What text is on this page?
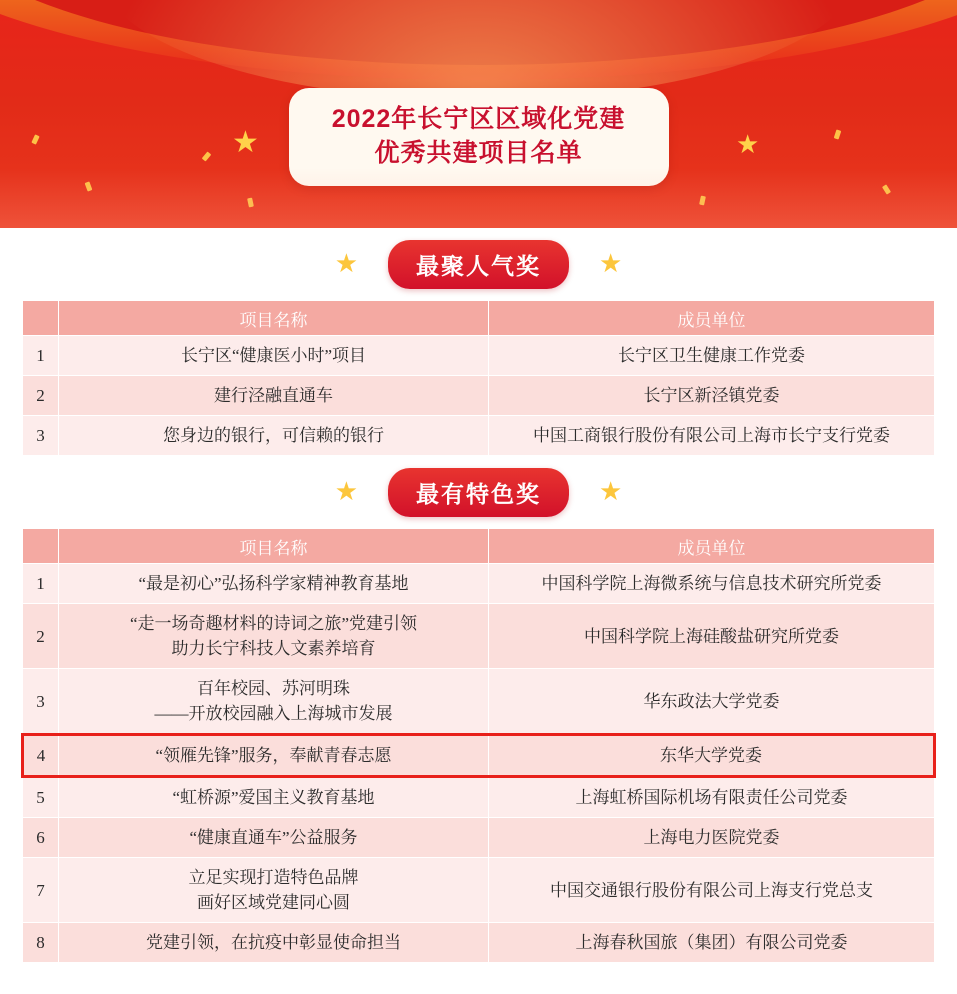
★	★
2022年长宁区区域化党建
优秀共建项目名单
★	最聚人气奖	★
	项目名称	成员单位
1	长宁区“健康医小时”项目	长宁区卫生健康工作党委
2	建行泾融直通车	长宁区新泾镇党委
3	您身边的银行，可信赖的银行	中国工商银行股份有限公司上海市长宁支行党委
★	最有特色奖	★
	项目名称	成员单位
1	“最是初心”弘扬科学家精神教育基地	中国科学院上海微系统与信息技术研究所党委
2	“走一场奇趣材料的诗词之旅”党建引领
助力长宁科技人文素养培育	中国科学院上海硅酸盐研究所党委
3	百年校园、苏河明珠
——开放校园融入上海城市发展	华东政法大学党委
4	“领雁先锋”服务，奉献青春志愿	东华大学党委
5	“虹桥源”爱国主义教育基地	上海虹桥国际机场有限责任公司党委
6	“健康直通车”公益服务	上海电力医院党委
7	立足实现打造特色品牌
画好区域党建同心圆	中国交通银行股份有限公司上海支行党总支
8	党建引领，在抗疫中彰显使命担当	上海春秋国旅（集团）有限公司党委
